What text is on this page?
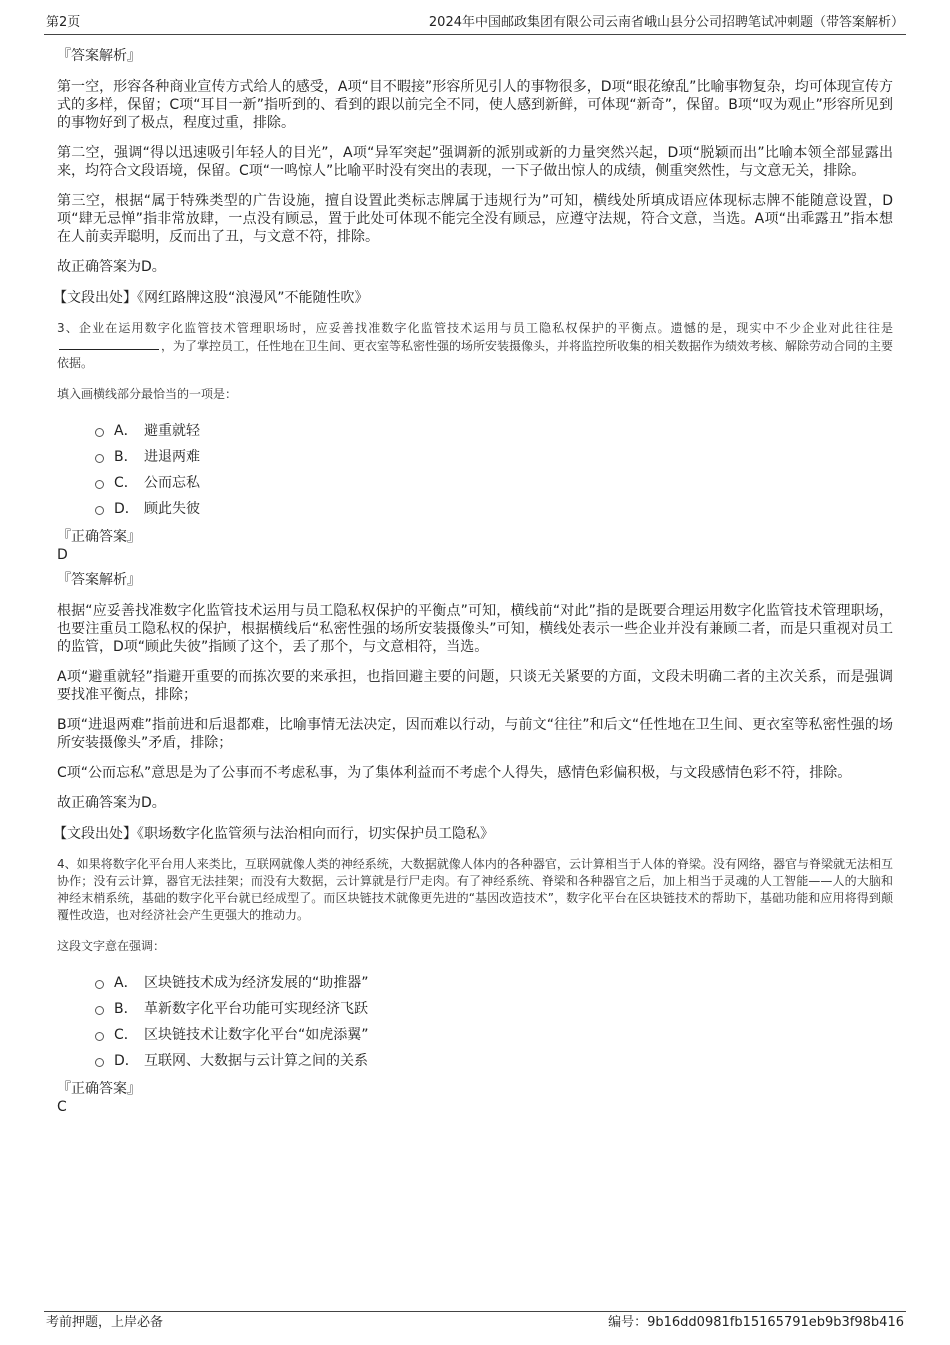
第2页	2024年中国邮政集团有限公司云南省峨山县分公司招聘笔试冲刺题（带答案解析）
『答案解析』

第一空，形容各种商业宣传方式给人的感受，A项“目不暇接”形容所见引人的事物很多，D项“眼花缭乱”比喻事物复杂，均可体现宣传方式的多样，保留；C项“耳目一新”指听到的、看到的跟以前完全不同，使人感到新鲜，可体现“新奇”，保留。B项“叹为观止”形容所见到的事物好到了极点，程度过重，排除。

第二空，强调“得以迅速吸引年轻人的目光”，A项“异军突起”强调新的派别或新的力量突然兴起，D项“脱颖而出”比喻本领全部显露出来，均符合文段语境，保留。C项“一鸣惊人”比喻平时没有突出的表现，一下子做出惊人的成绩，侧重突然性，与文意无关，排除。

第三空，根据“属于特殊类型的广告设施，擅自设置此类标志牌属于违规行为”可知，横线处所填成语应体现标志牌不能随意设置，D项“肆无忌惮”指非常放肆，一点没有顾忌，置于此处可体现不能完全没有顾忌，应遵守法规，符合文意，当选。A项“出乖露丑”指本想在人前卖弄聪明，反而出了丑，与文意不符，排除。

故正确答案为D。

【文段出处】《网红路牌这股“浪漫风”不能随性吹》

3、企业在运用数字化监管技术管理职场时，应妥善找准数字化监管技术运用与员工隐私权保护的平衡点。遗憾的是，现实中不少企业对此往往是，为了掌控员工，任性地在卫生间、更衣室等私密性强的场所安装摄像头，并将监控所收集的相关数据作为绩效考核、解除劳动合同的主要依据。

填入画横线部分最恰当的一项是：

A． 避重就轻
B． 进退两难
C． 公而忘私
D． 顾此失彼
『正确答案』
D
『答案解析』

根据“应妥善找准数字化监管技术运用与员工隐私权保护的平衡点”可知，横线前“对此”指的是既要合理运用数字化监管技术管理职场，也要注重员工隐私权的保护，根据横线后“私密性强的场所安装摄像头”可知，横线处表示一些企业并没有兼顾二者，而是只重视对员工的监管，D项“顾此失彼”指顾了这个，丢了那个，与文意相符，当选。

A项“避重就轻”指避开重要的而拣次要的来承担，也指回避主要的问题，只谈无关紧要的方面，文段未明确二者的主次关系，而是强调要找准平衡点，排除；

B项“进退两难”指前进和后退都难，比喻事情无法决定，因而难以行动，与前文“往往”和后文“任性地在卫生间、更衣室等私密性强的场所安装摄像头”矛盾，排除；

C项“公而忘私”意思是为了公事而不考虑私事，为了集体利益而不考虑个人得失，感情色彩偏积极，与文段感情色彩不符，排除。

故正确答案为D。

【文段出处】《职场数字化监管须与法治相向而行，切实保护员工隐私》

4、如果将数字化平台用人来类比，互联网就像人类的神经系统，大数据就像人体内的各种器官，云计算相当于人体的脊梁。没有网络，器官与脊梁就无法相互协作；没有云计算，器官无法挂架；而没有大数据，云计算就是行尸走肉。有了神经系统、脊梁和各种器官之后，加上相当于灵魂的人工智能——人的大脑和神经末梢系统，基础的数字化平台就已经成型了。而区块链技术就像更先进的“基因改造技术”，数字化平台在区块链技术的帮助下，基础功能和应用将得到颠覆性改造，也对经济社会产生更强大的推动力。

这段文字意在强调：

A． 区块链技术成为经济发展的“助推器”
B． 革新数字化平台功能可实现经济飞跃
C． 区块链技术让数字化平台“如虎添翼”
D． 互联网、大数据与云计算之间的关系
『正确答案』
C
考前押题，上岸必备	编号：9b16dd0981fb15165791eb9b3f98b416
